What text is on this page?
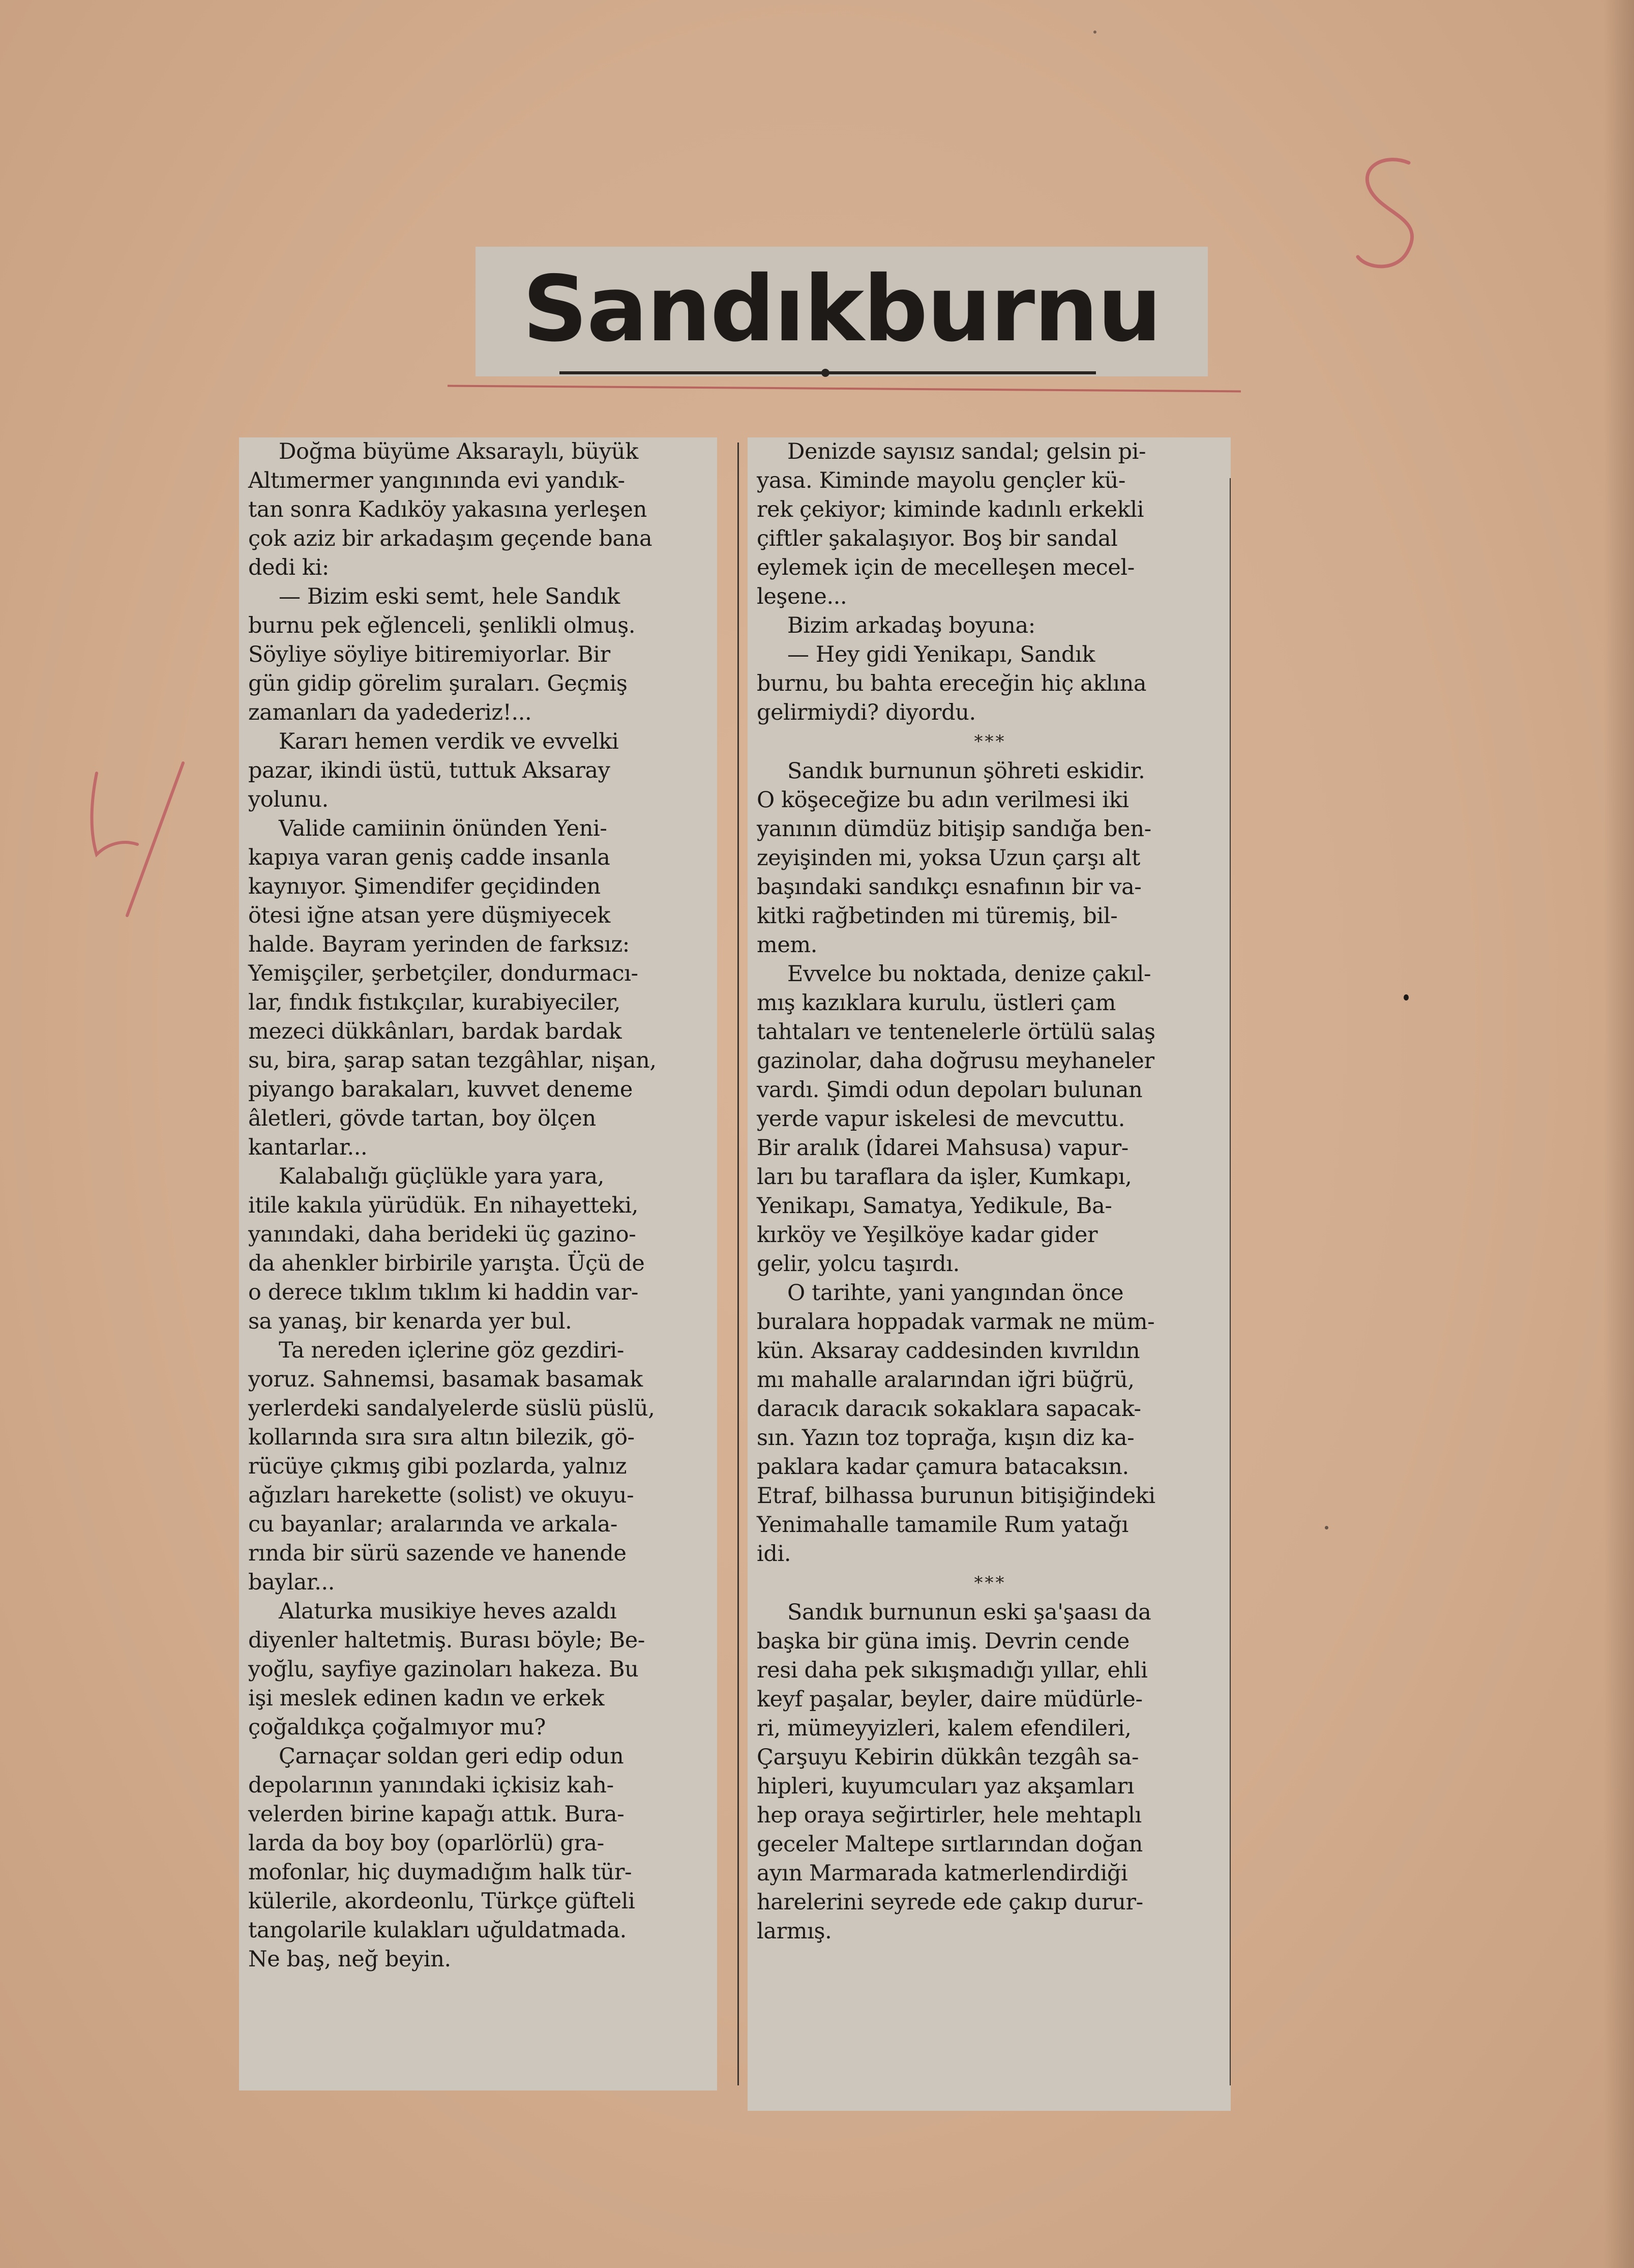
Sandıkburnu

Doğma büyüme Aksaraylı, büyük
Altımermer yangınında evi yandık-
tan sonra Kadıköy yakasına yerleşen
çok aziz bir arkadaşım geçende bana
dedi ki:

— Bizim eski semt, hele Sandık
burnu pek eğlenceli, şenlikli olmuş.
Söyliye söyliye bitiremiyorlar. Bir
gün gidip görelim şuraları. Geçmiş
zamanları da yadederiz!...

Kararı hemen verdik ve evvelki
pazar, ikindi üstü, tuttuk Aksaray
yolunu.

Valide camiinin önünden Yeni-
kapıya varan geniş cadde insanla
kaynıyor. Şimendifer geçidinden
ötesi iğne atsan yere düşmiyecek
halde. Bayram yerinden de farksız:
Yemişçiler, şerbetçiler, dondurmacı-
lar, fındık fıstıkçılar, kurabiyeciler,
mezeci dükkânları, bardak bardak
su, bira, şarap satan tezgâhlar, nişan,
piyango barakaları, kuvvet deneme
âletleri, gövde tartan, boy ölçen
kantarlar...

Kalabalığı güçlükle yara yara,
itile kakıla yürüdük. En nihayetteki,
yanındaki, daha berideki üç gazino-
da ahenkler birbirile yarışta. Üçü de
o derece tıklım tıklım ki haddin var-
sa yanaş, bir kenarda yer bul.

Ta nereden içlerine göz gezdiri-
yoruz. Sahnemsi, basamak basamak
yerlerdeki sandalyelerde süslü püslü,
kollarında sıra sıra altın bilezik, gö-
rücüye çıkmış gibi pozlarda, yalnız
ağızları harekette (solist) ve okuyu-
cu bayanlar; aralarında ve arkala-
rında bir sürü sazende ve hanende
baylar...

Alaturka musikiye heves azaldı
diyenler haltetmiş. Burası böyle; Be-
yoğlu, sayfiye gazinoları hakeza. Bu
işi meslek edinen kadın ve erkek
çoğaldıkça çoğalmıyor mu?

Çarnaçar soldan geri edip odun
depolarının yanındaki içkisiz kah-
velerden birine kapağı attık. Bura-
larda da boy boy (oparlörlü) gra-
mofonlar, hiç duymadığım halk tür-
külerile, akordeonlu, Türkçe güfteli
tangolarile kulakları uğuldatmada.
Ne baş, neğ beyin.

Denizde sayısız sandal; gelsin pi-
yasa. Kiminde mayolu gençler kü-
rek çekiyor; kiminde kadınlı erkekli
çiftler şakalaşıyor. Boş bir sandal
eylemek için de mecelleşen mecel-
leşene...

Bizim arkadaş boyuna:

— Hey gidi Yenikapı, Sandık
burnu, bu bahta ereceğin hiç aklına
gelirmiydi? diyordu.

***

Sandık burnunun şöhreti eskidir.
O köşeceğize bu adın verilmesi iki
yanının dümdüz bitişip sandığa ben-
zeyişinden mi, yoksa Uzun çarşı alt
başındaki sandıkçı esnafının bir va-
kitki rağbetinden mi türemiş, bil-
mem.

Evvelce bu noktada, denize çakıl-
mış kazıklara kurulu, üstleri çam
tahtaları ve tentenelerle örtülü salaş
gazinolar, daha doğrusu meyhaneler
vardı. Şimdi odun depoları bulunan
yerde vapur iskelesi de mevcuttu.
Bir aralık (İdarei Mahsusa) vapur-
ları bu taraflara da işler, Kumkapı,
Yenikapı, Samatya, Yedikule, Ba-
kırköy ve Yeşilköye kadar gider
gelir, yolcu taşırdı.

O tarihte, yani yangından önce
buralara hoppadak varmak ne müm-
kün. Aksaray caddesinden kıvrıldın
mı mahalle aralarından iğri büğrü,
daracık daracık sokaklara sapacak-
sın. Yazın toz toprağa, kışın diz ka-
paklara kadar çamura batacaksın.
Etraf, bilhassa burunun bitişiğindeki
Yenimahalle tamamile Rum yatağı
idi.

***

Sandık burnunun eski şa'şaası da
başka bir güna imiş. Devrin cende
resi daha pek sıkışmadığı yıllar, ehli
keyf paşalar, beyler, daire müdürle-
ri, mümeyyizleri, kalem efendileri,
Çarşuyu Kebirin dükkân tezgâh sa-
hipleri, kuyumcuları yaz akşamları
hep oraya seğirtirler, hele mehtaplı
geceler Maltepe sırtlarından doğan
ayın Marmarada katmerlendirdiği
harelerini seyrede ede çakıp durur-
larmış.
